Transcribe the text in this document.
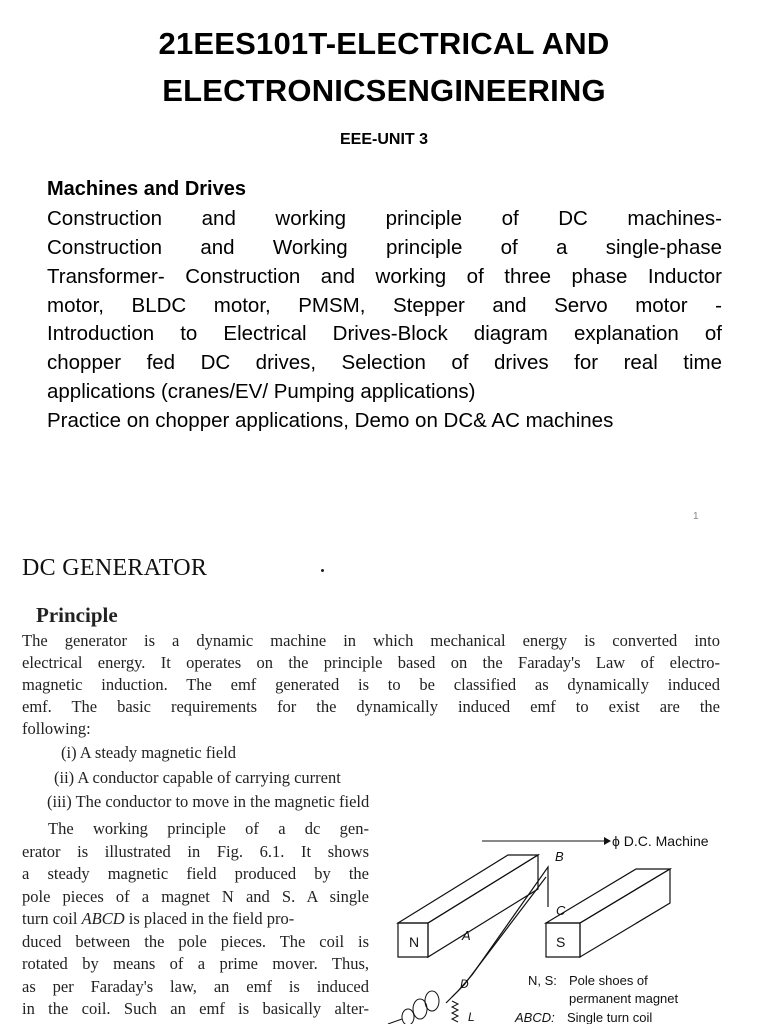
21EES101T-ELECTRICAL AND
ELECTRONICSENGINEERING
EEE-UNIT 3
Machines and Drives
Construction and working principle of DC machines-
Construction and Working principle of a single-phase
Transformer- Construction and working of three phase Inductor
motor, BLDC motor, PMSM, Stepper and Servo motor -
Introduction to Electrical Drives-Block diagram explanation of
chopper fed DC drives, Selection of drives for real time
applications (cranes/EV/ Pumping applications)
Practice on chopper applications, Demo on DC& AC machines
1
DC GENERATOR
Principle
The generator is a dynamic machine in which mechanical energy is converted into
electrical energy. It operates on the principle based on the Faraday's Law of electro-
magnetic induction. The emf generated is to be classified as dynamically induced
emf. The basic requirements for the dynamically induced emf to exist are the
following:
(i) A steady magnetic field
(ii) A conductor capable of carrying current
(iii) The conductor to move in the magnetic field
The working principle of a dc gen-
erator is illustrated in Fig. 6.1. It shows
a steady magnetic field produced by the
pole pieces of a magnet N and S. A single
turn coil ABCD is placed in the field pro-
duced between the pole pieces. The coil is
rotated by means of a prime mover. Thus,
as per Faraday's law, an emf is induced
in the coil. Such an emf is basically alter-
ϕ D.C. Machine
N	S
A
B
C
D
L
N, S: Pole shoes of
permanent magnet
ABCD: Single turn coil
